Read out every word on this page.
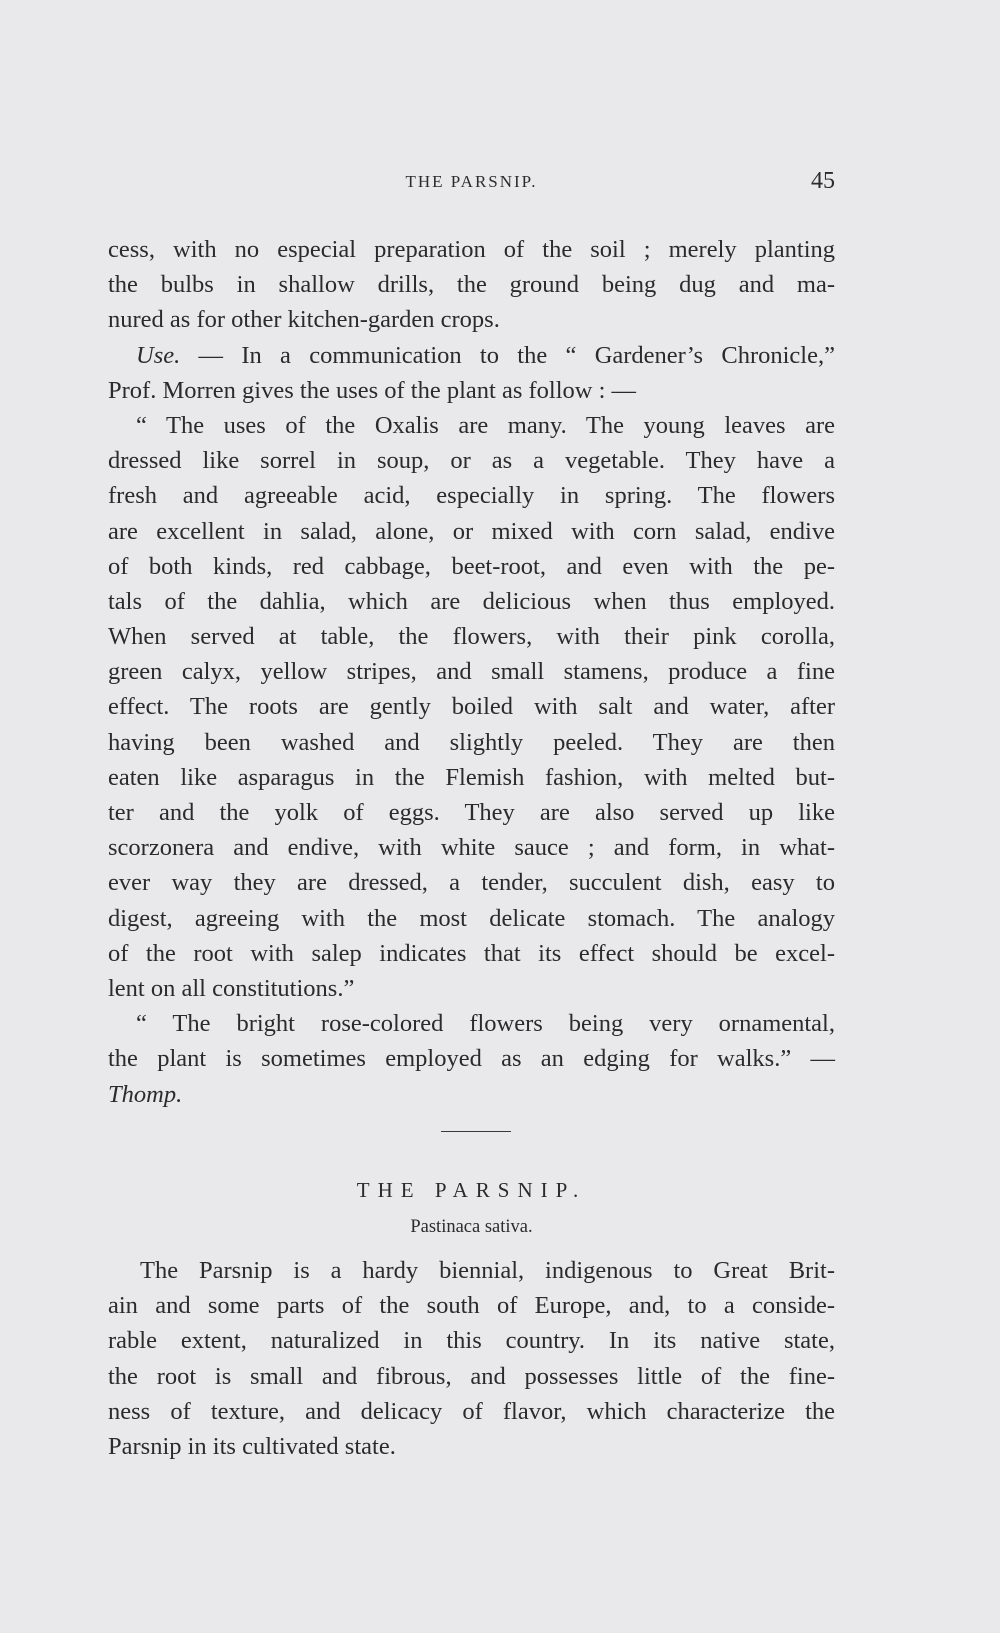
THE PARSNIP.	45
cess, with no especial preparation of the soil ; merely planting
the bulbs in shallow drills, the ground being dug and ma-
nured as for other kitchen-garden crops.
Use. — In a communication to the “ Gardener’s Chronicle,”
Prof. Morren gives the uses of the plant as follow : —
“ The uses of the Oxalis are many. The young leaves are
dressed like sorrel in soup, or as a vegetable. They have a
fresh and agreeable acid, especially in spring. The flowers
are excellent in salad, alone, or mixed with corn salad, endive
of both kinds, red cabbage, beet-root, and even with the pe-
tals of the dahlia, which are delicious when thus employed.
When served at table, the flowers, with their pink corolla,
green calyx, yellow stripes, and small stamens, produce a fine
effect. The roots are gently boiled with salt and water, after
having been washed and slightly peeled. They are then
eaten like asparagus in the Flemish fashion, with melted but-
ter and the yolk of eggs. They are also served up like
scorzonera and endive, with white sauce ; and form, in what-
ever way they are dressed, a tender, succulent dish, easy to
digest, agreeing with the most delicate stomach. The analogy
of the root with salep indicates that its effect should be excel-
lent on all constitutions.”
“ The bright rose-colored flowers being very ornamental,
the plant is sometimes employed as an edging for walks.” —
Thomp.
THE PARSNIP.
Pastinaca sativa.
The Parsnip is a hardy biennial, indigenous to Great Brit-
ain and some parts of the south of Europe, and, to a conside-
rable extent, naturalized in this country. In its native state,
the root is small and fibrous, and possesses little of the fine-
ness of texture, and delicacy of flavor, which characterize the
Parsnip in its cultivated state.
